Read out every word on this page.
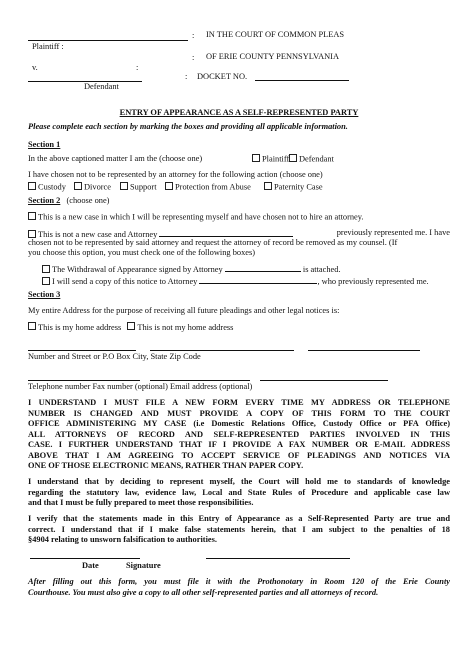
: IN THE COURT OF COMMON PLEAS
Plaintiff :
: OF ERIE COUNTY PENNSYLVANIA
v.	:
: DOCKET NO.
Defendant
ENTRY OF APPEARANCE AS A SELF-REPRESENTED PARTY
Please complete each section by marking the boxes and providing all applicable information.
Section 1
In the above captioned matter I am the (choose one)	Plaintiff	Defendant
I have chosen not to be represented by an attorney for the following action (choose one)
Custody	Divorce	Support	Protection from Abuse	Paternity Case
Section 2 (choose one)
This is a new case in which I will be representing myself and have chosen not to hire an attorney.
This is not a new case and Attorney	previously represented me. I have
chosen not to be represented by said attorney and request the attorney of record be removed as my counsel. (If
you choose this option, you must check one of the following boxes)
The Withdrawal of Appearance signed by Attorney	is attached.
I will send a copy of this notice to Attorney	, who previously represented me.
Section 3
My entire Address for the purpose of receiving all future pleadings and other legal notices is:
This is my home address This is not my home address
Number and Street or P.O Box City, State Zip Code
Telephone number Fax number (optional) Email address (optional)
I UNDERSTAND I MUST FILE A NEW FORM EVERY TIME MY ADDRESS OR TELEPHONE
NUMBER IS CHANGED AND MUST PROVIDE A COPY OF THIS FORM TO THE COURT
OFFICE ADMINISTERING MY CASE (i.e Domestic Relations Office, Custody Office or PFA Office)
ALL ATTORNEYS OF RECORD AND SELF-REPRESENTED PARTIES INVOLVED IN THIS
CASE. I FURTHER UNDERSTAND THAT IF I PROVIDE A FAX NUMBER OR E-MAIL ADDRESS
ABOVE THAT I AM AGREEING TO ACCEPT SERVICE OF PLEADINGS AND NOTICES VIA
ONE OF THOSE ELECTRONIC MEANS, RATHER THAN PAPER COPY.
I understand that by deciding to represent myself, the Court will hold me to standards of knowledge
regarding the statutory law, evidence law, Local and State Rules of Procedure and applicable case law
and that I must be fully prepared to meet those responsibilities.
I verify that the statements made in this Entry of Appearance as a Self-Represented Party are true and
correct. I understand that if I make false statements herein, that I am subject to the penalties of 18
§4904 relating to unsworn falsification to authorities.
Date	Signature
After filling out this form, you must file it with the Prothonotary in Room 120 of the Erie County
Courthouse. You must also give a copy to all other self-represented parties and all attorneys of record.
